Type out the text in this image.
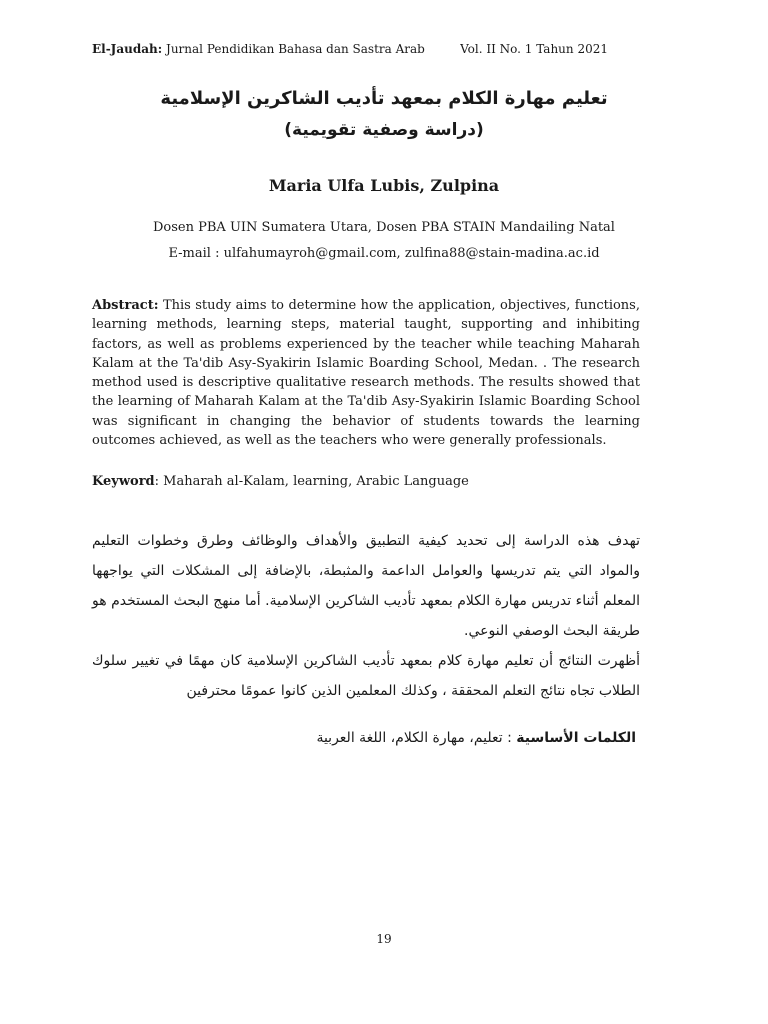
El-Jaudah: Jurnal Pendidikan Bahasa dan Sastra Arab	Vol. II No. 1 Tahun 2021
تعليم مهارة الكلام بمعهد تأديب الشاكرين الإسلامية
(دراسة وصفية تقويمية)
Maria Ulfa Lubis, Zulpina
Dosen PBA UIN Sumatera Utara, Dosen PBA STAIN Mandailing Natal
E-mail : ulfahumayroh@gmail.com, zulfina88@stain-madina.ac.id
Abstract: This study aims to determine how the application, objectives, functions, learning methods, learning steps, material taught, supporting and inhibiting factors, as well as problems experienced by the teacher while teaching Maharah Kalam at the Ta'dib Asy-Syakirin Islamic Boarding School, Medan. . The research method used is descriptive qualitative research methods. The results showed that the learning of Maharah Kalam at the Ta'dib Asy-Syakirin Islamic Boarding School was significant in changing the behavior of students towards the learning outcomes achieved, as well as the teachers who were generally professionals.
Keyword: Maharah al-Kalam, learning, Arabic Language

تهدف هذه الدراسة إلى تحديد كيفية التطبيق والأهداف والوظائف وطرق وخطوات التعليم والمواد التي يتم تدريسها والعوامل الداعمة والمثبطة، بالإضافة إلى المشكلات التي يواجهها المعلم أثناء تدريس مهارة الكلام بمعهد تأديب الشاكرين الإسلامية. أما منهج البحث المستخدم هو طريقة البحث الوصفي النوعي.

أظهرت النتائج أن تعليم مهارة كلام بمعهد تأديب الشاكرين الإسلامية كان مهمًا في تغيير سلوك الطلاب تجاه نتائج التعلم المحققة ، وكذلك المعلمين الذين كانوا عمومًا محترفين

الكلمات الأساسية : تعليم، مهارة الكلام، اللغة العربية
19
